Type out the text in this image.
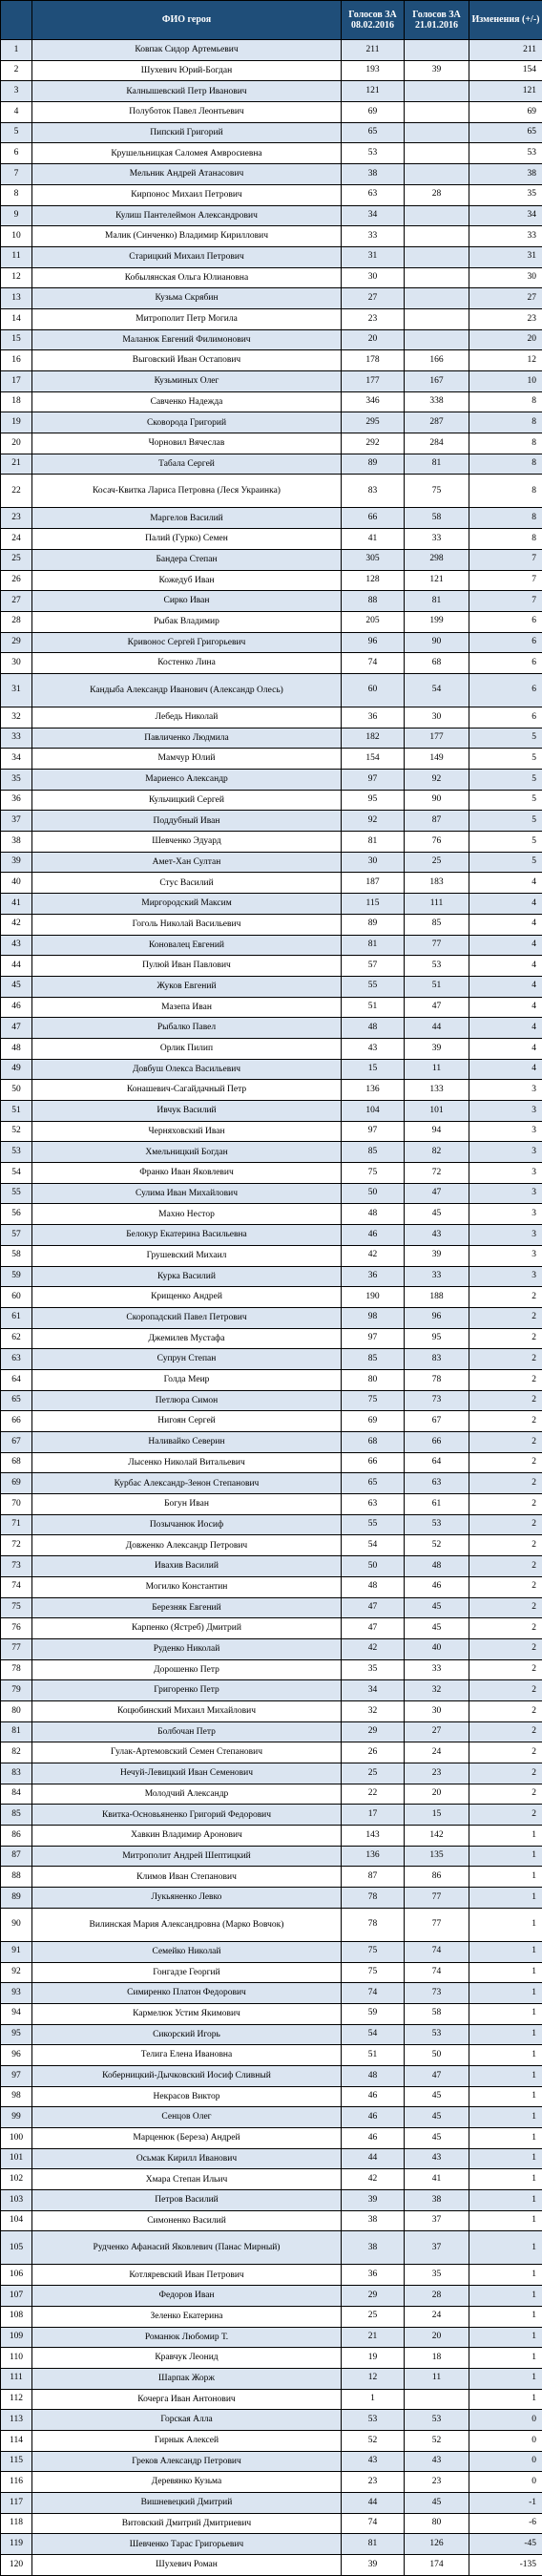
	ФИО героя	Голосов ЗА 08.02.2016	Голосов ЗА 21.01.2016	Изменения (+/-)
1	Ковпак Сидор Артемьевич	211		211
2	Шухевич Юрий-Богдан	193	39	154
3	Калнышевский Петр Иванович	121		121
4	Полуботок Павел Леонтьевич	69		69
5	Пипский Григорий	65		65
6	Крушельницкая Саломея Амвросиевна	53		53
7	Мельник Андрей Атанасович	38		38
8	Кирпонос Михаил Петрович	63	28	35
9	Кулиш Пантелеймон Александрович	34		34
10	Малик (Синченко) Владимир Кириллович	33		33
11	Старицкий Михаил Петрович	31		31
12	Кобылянская Ольга Юлиановна	30		30
13	Кузьма Скрябин	27		27
14	Митрополит Петр Могила	23		23
15	Маланюк Евгений Филимонович	20		20
16	Выговский Иван Остапович	178	166	12
17	Кузьминых Олег	177	167	10
18	Савченко Надежда	346	338	8
19	Сковорода Григорий	295	287	8
20	Чорновил Вячеслав	292	284	8
21	Табала Сергей	89	81	8
22	Косач-Квитка Лариса Петровна (Леся Украинка)	83	75	8
23	Маргелов Василий	66	58	8
24	Палий (Гурко) Семен	41	33	8
25	Бандера Степан	305	298	7
26	Кожедуб Иван	128	121	7
27	Сирко Иван	88	81	7
28	Рыбак Владимир	205	199	6
29	Кривонос Сергей Григорьевич	96	90	6
30	Костенко Лина	74	68	6
31	Кандыба Александр Иванович (Александр Олесь)	60	54	6
32	Лебедь Николай	36	30	6
33	Павличенко Людмила	182	177	5
34	Мамчур Юлий	154	149	5
35	Мариенсо Александр	97	92	5
36	Кульчицкий Сергей	95	90	5
37	Поддубный Иван	92	87	5
38	Шевченко Эдуард	81	76	5
39	Амет-Хан Султан	30	25	5
40	Стус Василий	187	183	4
41	Миргородский Максим	115	111	4
42	Гоголь Николай Васильевич	89	85	4
43	Коновалец Евгений	81	77	4
44	Пулюй Иван Павлович	57	53	4
45	Жуков Евгений	55	51	4
46	Мазепа Иван	51	47	4
47	Рыбалко Павел	48	44	4
48	Орлик Пилип	43	39	4
49	Довбуш Олекса Васильевич	15	11	4
50	Конашевич-Сагайдачный Петр	136	133	3
51	Ивчук Василий	104	101	3
52	Черняховский Иван	97	94	3
53	Хмельницкий Богдан	85	82	3
54	Франко Иван Яковлевич	75	72	3
55	Сулима Иван Михайлович	50	47	3
56	Махно Нестор	48	45	3
57	Белокур Екатерина Васильевна	46	43	3
58	Грушевский Михаил	42	39	3
59	Курка Василий	36	33	3
60	Крищенко Андрей	190	188	2
61	Скоропадский Павел Петрович	98	96	2
62	Джемилев Мустафа	97	95	2
63	Супрун Степан	85	83	2
64	Голда Меир	80	78	2
65	Петлюра Симон	75	73	2
66	Нигоян Сергей	69	67	2
67	Наливайко Северин	68	66	2
68	Лысенко Николай Витальевич	66	64	2
69	Курбас Александр-Зенон Степанович	65	63	2
70	Богун Иван	63	61	2
71	Позычанюк Иосиф	55	53	2
72	Довженко Александр Петрович	54	52	2
73	Ивахив Василий	50	48	2
74	Могилко Константин	48	46	2
75	Березняк Евгений	47	45	2
76	Карпенко (Ястреб) Дмитрий	47	45	2
77	Руденко Николай	42	40	2
78	Дорошенко Петр	35	33	2
79	Григоренко Петр	34	32	2
80	Коцюбинский Михаил Михайлович	32	30	2
81	Болбочан Петр	29	27	2
82	Гулак-Артемовский Семен Степанович	26	24	2
83	Нечуй-Левицкий Иван Семенович	25	23	2
84	Молодчий Александр	22	20	2
85	Квитка-Основьяненко Григорий Федорович	17	15	2
86	Хавкин Владимир Аронович	143	142	1
87	Митрополит Андрей Шептицкий	136	135	1
88	Климов Иван Степанович	87	86	1
89	Лукьяненко Левко	78	77	1
90	Вилинская Мария Александровна (Марко Вовчок)	78	77	1
91	Семейко Николай	75	74	1
92	Гонгадзе Георгий	75	74	1
93	Симиренко Платон Федорович	74	73	1
94	Кармелюк Устим Якимович	59	58	1
95	Сикорский Игорь	54	53	1
96	Телига Елена Ивановна	51	50	1
97	Коберницкий-Дычковский Иосиф Сливный	48	47	1
98	Некрасов Виктор	46	45	1
99	Сенцов Олег	46	45	1
100	Марценюк (Береза) Андрей	46	45	1
101	Осьмак Кирилл Иванович	44	43	1
102	Хмара Степан Ильич	42	41	1
103	Петров Василий	39	38	1
104	Симоненко Василий	38	37	1
105	Рудченко Афанасий Яковлевич (Панас Мирный)	38	37	1
106	Котляревский Иван Петрович	36	35	1
107	Федоров Иван	29	28	1
108	Зеленко Екатерина	25	24	1
109	Романюк Любомир Т.	21	20	1
110	Кравчук Леонид	19	18	1
111	Шарпак Жорж	12	11	1
112	Кочерга Иван Антонович	1		1
113	Горская Алла	53	53	0
114	Гирнык Алексей	52	52	0
115	Греков Александр Петрович	43	43	0
116	Деревянко Кузьма	23	23	0
117	Вишневецкий Дмитрий	44	45	-1
118	Витовский Дмитрий Дмитриевич	74	80	-6
119	Шевченко Тарас Григорьевич	81	126	-45
120	Шухевич Роман	39	174	-135
